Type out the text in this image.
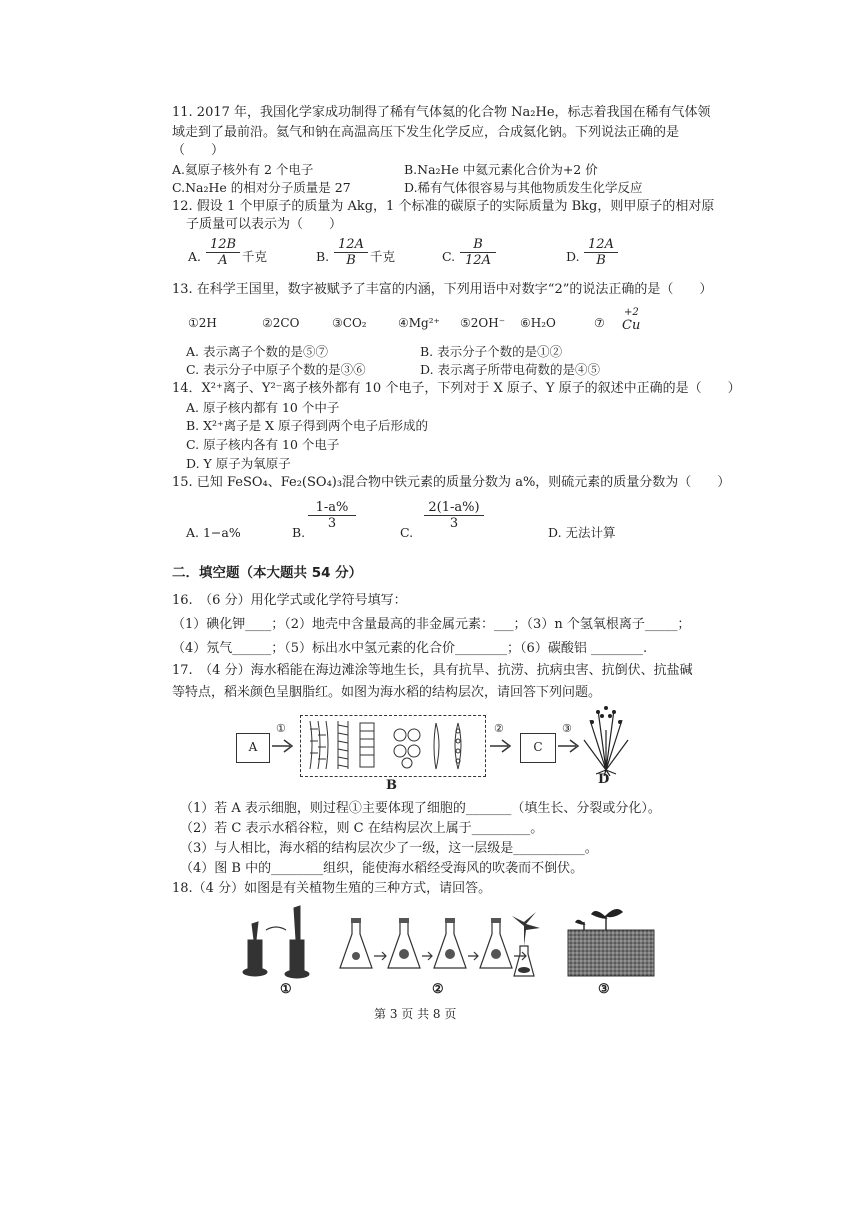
11. 2017 年，我国化学家成功制得了稀有气体氦的化合物 Na₂He，标志着我国在稀有气体领
域走到了最前沿。氦气和钠在高温高压下发生化学反应，合成氦化钠。下列说法正确的是
（　　）
A.氦原子核外有 2 个电子	B.Na₂He 中氦元素化合价为+2 价
C.Na₂He 的相对分子质量是 27	D.稀有气体很容易与其他物质发生化学反应
12. 假设 1 个甲原子的质量为 Akg，1 个标准的碳原子的实际质量为 Bkg，则甲原子的相对原
子质量可以表示为（　　）
A. $\frac{12B}{A}$ 千克	B. $\frac{12A}{B}$ 千克	C. $\frac{B}{12A}$	D. $\frac{12A}{B}$
13. 在科学王国里，数字被赋予了丰富的内涵，下列用语中对数字“2”的说法正确的是（　　）
①2H	②2CO	③CO₂	④Mg²⁺ ⑤2OH⁻ ⑥H₂O	⑦
+2
Cu
A. 表示离子个数的是⑤⑦	B. 表示分子个数的是①②
C. 表示分子中原子个数的是③⑥	D. 表示离子所带电荷数的是④⑤
14．X²⁺离子、Y²⁻离子核外都有 10 个电子，下列对于 X 原子、Y 原子的叙述中正确的是（　　）
A. 原子核内都有 10 个中子
B. X²⁺离子是 X 原子得到两个电子后形成的
C. 原子核内各有 10 个电子
D. Y 原子为氧原子
15. 已知 FeSO₄、Fe₂(SO₄)₃混合物中铁元素的质量分数为 a%，则硫元素的质量分数为（　　）
A. 1−a%	B.
$\frac{1-a\%}{3}$
C.
$\frac{2(1-a\%)}{3}$
D. 无法计算
二．填空题（本大题共 54 分）
16.　（6 分）用化学式或化学符号填写：
（1）碘化钾____；（2）地壳中含量最高的非金属元素：___；（3）n 个氢氧根离子_____；
（4）氖气______；（5）标出水中氢元素的化合价________；（6）碳酸铝 ________.
17.　（4 分）海水稻能在海边滩涂等地生长，具有抗旱、抗涝、抗病虫害、抗倒伏、抗盐碱
等特点，稻米颜色呈胭脂红。如图为海水稻的结构层次，请回答下列问题。
A
①
B
②
C
③
D
（1）若 A 表示细胞，则过程①主要体现了细胞的_______（填生长、分裂或分化）。
（2）若 C 表示水稻谷粒，则 C 在结构层次上属于_________。
（3）与人相比，海水稻的结构层次少了一级，这一层级是___________。
（4）图 B 中的________组织，能使海水稻经受海风的吹袭而不倒伏。
18.（4 分）如图是有关植物生殖的三种方式，请回答。
①	②	③
第 3 页 共 8 页
